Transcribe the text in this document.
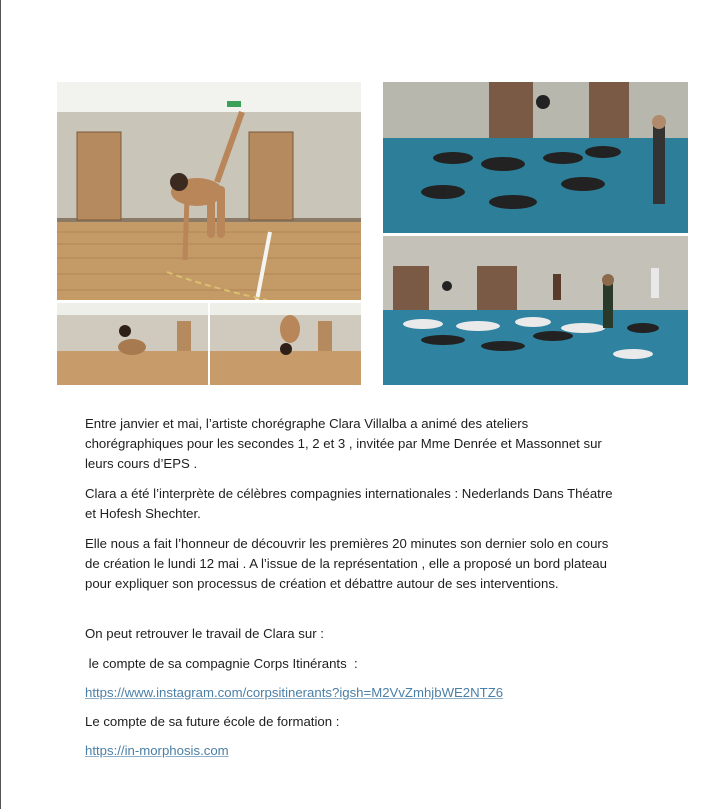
Entre janvier et mai, l’artiste chorégraphe Clara Villalba a animé des ateliers chorégraphiques pour les secondes 1, 2 et 3 , invitée par Mme Denrée et Massonnet sur leurs cours d’EPS .

Clara a été l’interprète de célèbres compagnies internationales : Nederlands Dans Théatre et Hofesh Shechter.

Elle nous a fait l’honneur de découvrir les premières 20 minutes son dernier solo en cours de création le lundi 12 mai . A l’issue de la représentation , elle a proposé un bord plateau pour expliquer son processus de création et débattre autour de ses interventions.

On peut retrouver le travail de Clara sur :

le compte de sa compagnie Corps Itinérants  :

https://www.instagram.com/corpsitinerants?igsh=M2VvZmhjbWE2NTZ6

Le compte de sa future école de formation :

https://in-morphosis.com
